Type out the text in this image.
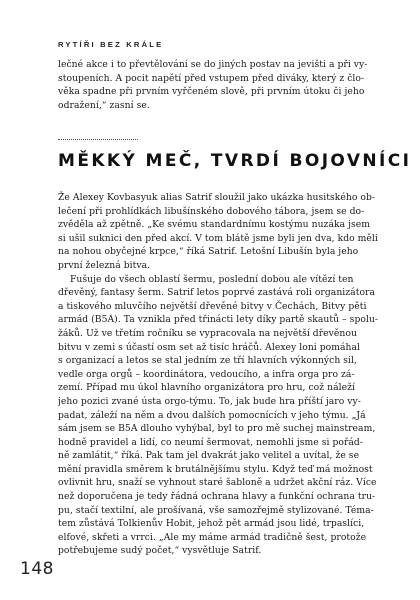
RYTÍŘI BEZ KRÁLE
lečné akce i to převtělování se do jiných postav na jevišti a při vy-
stoupeních. A pocit napětí před vstupem před diváky, který z člo-
věka spadne při prvním vyřčeném slově, při prvním útoku či jeho
odražení,“ zasní se.
MĚKKÝ MEČ, TVRDÍ BOJOVNÍCI
Že Alexey Kovbasyuk alias Satrif sloužil jako ukázka husitského ob-
lečení při prohlídkách libušínského dobového tábora, jsem se do-
zvěděla až zpětně. „Ke svému standardnímu kostýmu nuzáka jsem
si ušil suknici den před akcí. V tom blátě jsme byli jen dva, kdo měli
na nohou obyčejné krpce,“ říká Satrif. Letošní Libušín byla jeho
první železná bitva.
Fušuje do všech oblastí šermu, poslední dobou ale vítězí ten
dřevěný, fantasy šerm. Satrif letos poprvé zastává roli organizátora
a tiskového mluvčího největší dřevěné bitvy v Čechách, Bitvy pěti
armád (B5A). Ta vznikla před třinácti lety díky partě skautů – spolu-
žáků. Už ve třetím ročníku se vypracovala na největší dřevěnou
bitvu v zemi s účastí osm set až tisíc hráčů. Alexey loni pomáhal
s organizací a letos se stal jedním ze tří hlavních výkonných sil,
vedle orga orgů – koordinátora, vedoucího, a infra orga pro zá-
zemí. Případ mu úkol hlavního organizátora pro hru, což náleží
jeho pozici zvané ústa orgo-týmu. To, jak bude hra příští jaro vy-
padat, záleží na něm a dvou dalších pomocnících v jeho týmu. „Já
sám jsem se B5A dlouho vyhýbal, byl to pro mě suchej mainstream,
hodně pravidel a lidí, co neumí šermovat, nemohli jsme si pořád-
ně zamlátit,“ říká. Pak tam jel dvakrát jako velitel a uvítal, že se
mění pravidla směrem k brutálnějšímu stylu. Když teď má možnost
ovlivnit hru, snaží se vyhnout staré šabloně a udržet akční ráz. Více
než doporučena je tedy řádná ochrana hlavy a funkční ochrana tru-
pu, stačí textilní, ale prošívaná, vše samozřejmě stylizované. Téma-
tem zůstává Tolkienův Hobit, jehož pět armád jsou lidé, trpaslíci,
elfové, skřeti a vrrci. „Ale my máme armád tradičně šest, protože
potřebujeme sudý počet,“ vysvětluje Satrif.
148
